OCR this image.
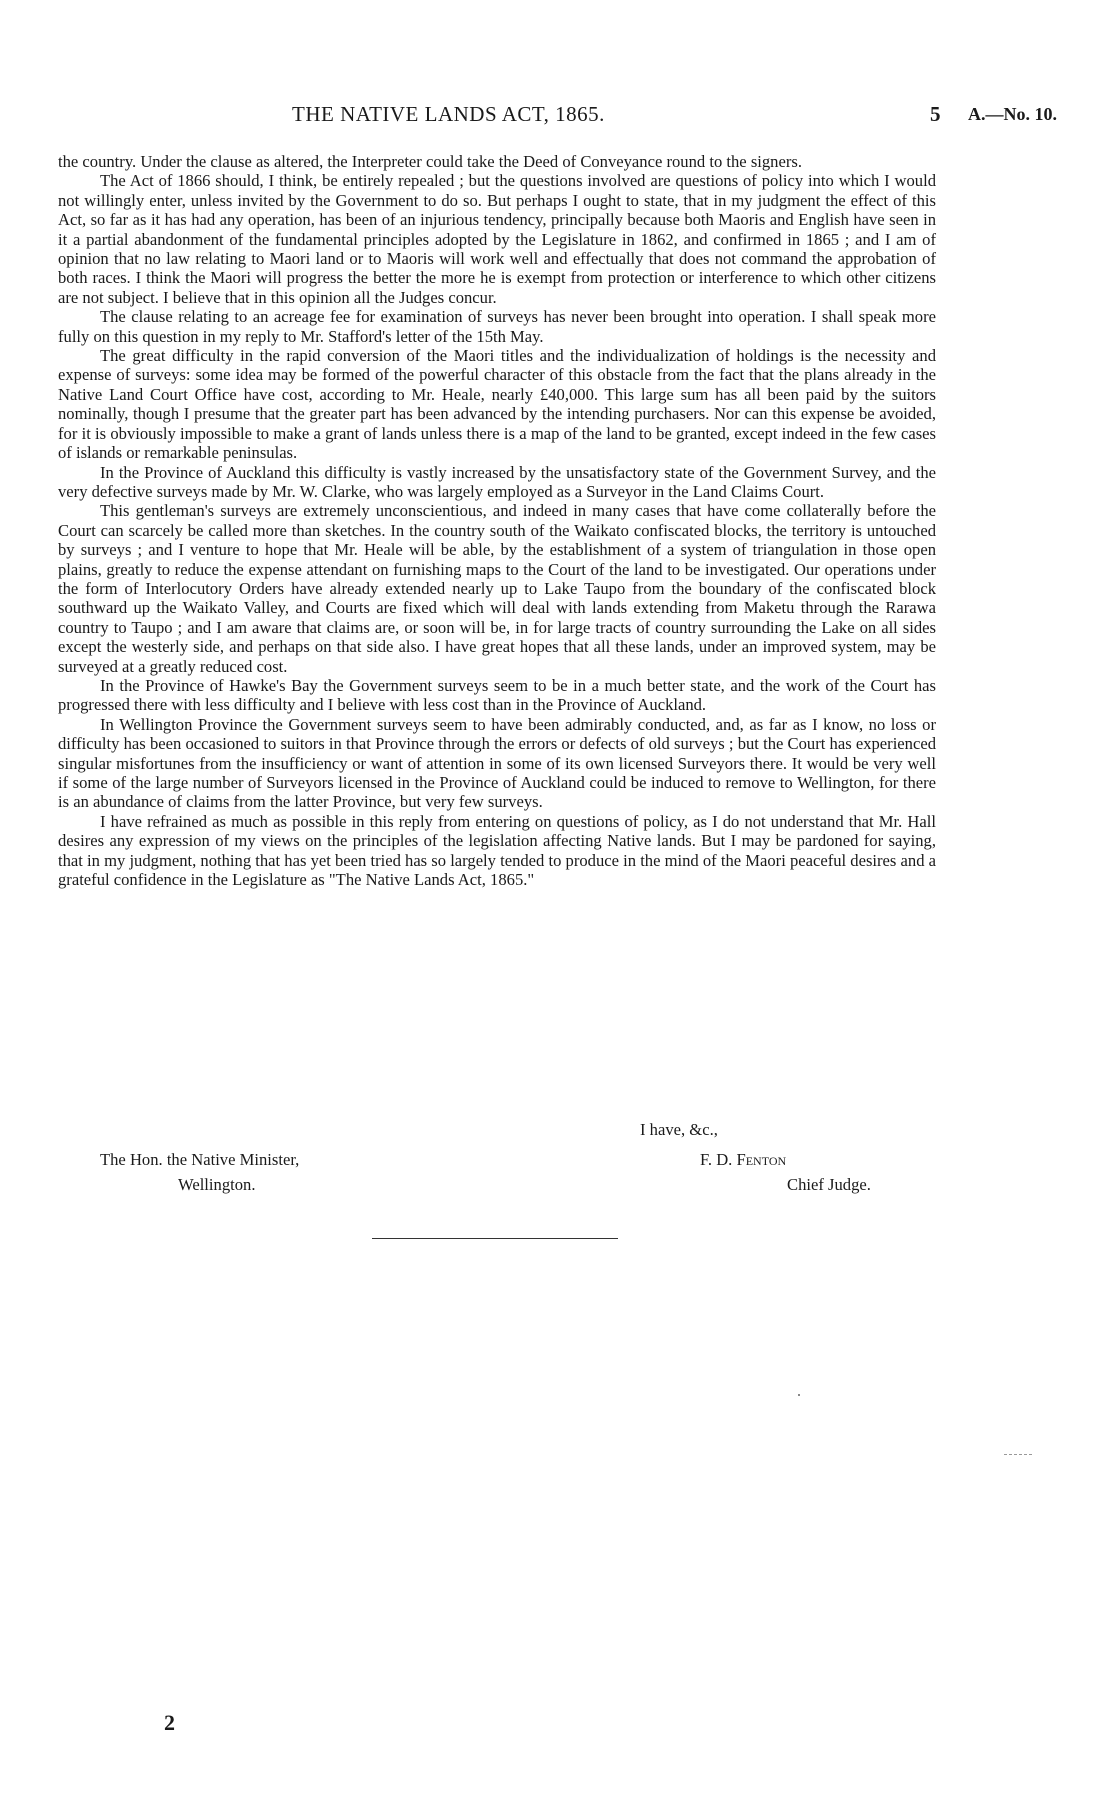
THE NATIVE LANDS ACT, 1865.	5 A.—No. 10.

the country. Under the clause as altered, the Interpreter could take the Deed of Conveyance round to the signers.

The Act of 1866 should, I think, be entirely repealed ; but the questions involved are questions of policy into which I would not willingly enter, unless invited by the Government to do so. But perhaps I ought to state, that in my judgment the effect of this Act, so far as it has had any operation, has been of an injurious tendency, principally because both Maoris and English have seen in it a partial abandonment of the fundamental principles adopted by the Legislature in 1862, and confirmed in 1865 ; and I am of opinion that no law relating to Maori land or to Maoris will work well and effectually that does not command the approbation of both races. I think the Maori will progress the better the more he is exempt from protection or interference to which other citizens are not subject. I believe that in this opinion all the Judges concur.

The clause relating to an acreage fee for examination of surveys has never been brought into operation. I shall speak more fully on this question in my reply to Mr. Stafford's letter of the 15th May.

The great difficulty in the rapid conversion of the Maori titles and the individualization of holdings is the necessity and expense of surveys: some idea may be formed of the powerful character of this obstacle from the fact that the plans already in the Native Land Court Office have cost, according to Mr. Heale, nearly £40,000. This large sum has all been paid by the suitors nominally, though I presume that the greater part has been advanced by the intending purchasers. Nor can this expense be avoided, for it is obviously impossible to make a grant of lands unless there is a map of the land to be granted, except indeed in the few cases of islands or remarkable peninsulas.

In the Province of Auckland this difficulty is vastly increased by the unsatisfactory state of the Government Survey, and the very defective surveys made by Mr. W. Clarke, who was largely employed as a Surveyor in the Land Claims Court.

This gentleman's surveys are extremely unconscientious, and indeed in many cases that have come collaterally before the Court can scarcely be called more than sketches. In the country south of the Waikato confiscated blocks, the territory is untouched by surveys ; and I venture to hope that Mr. Heale will be able, by the establishment of a system of triangulation in those open plains, greatly to reduce the expense attendant on furnishing maps to the Court of the land to be investigated. Our operations under the form of Interlocutory Orders have already extended nearly up to Lake Taupo from the boundary of the confiscated block southward up the Waikato Valley, and Courts are fixed which will deal with lands extending from Maketu through the Rarawa country to Taupo ; and I am aware that claims are, or soon will be, in for large tracts of country surrounding the Lake on all sides except the westerly side, and perhaps on that side also. I have great hopes that all these lands, under an improved system, may be surveyed at a greatly reduced cost.

In the Province of Hawke's Bay the Government surveys seem to be in a much better state, and the work of the Court has progressed there with less difficulty and I believe with less cost than in the Province of Auckland.

In Wellington Province the Government surveys seem to have been admirably conducted, and, as far as I know, no loss or difficulty has been occasioned to suitors in that Province through the errors or defects of old surveys ; but the Court has experienced singular misfortunes from the insufficiency or want of attention in some of its own licensed Surveyors there. It would be very well if some of the large number of Surveyors licensed in the Province of Auckland could be induced to remove to Wellington, for there is an abundance of claims from the latter Province, but very few surveys.

I have refrained as much as possible in this reply from entering on questions of policy, as I do not understand that Mr. Hall desires any expression of my views on the principles of the legislation affecting Native lands. But I may be pardoned for saying, that in my judgment, nothing that has yet been tried has so largely tended to produce in the mind of the Maori peaceful desires and a grateful confidence in the Legislature as "The Native Lands Act, 1865."

I have, &c.,
F. D. Fenton
Chief Judge.
The Hon. the Native Minister,
Wellington.
2
